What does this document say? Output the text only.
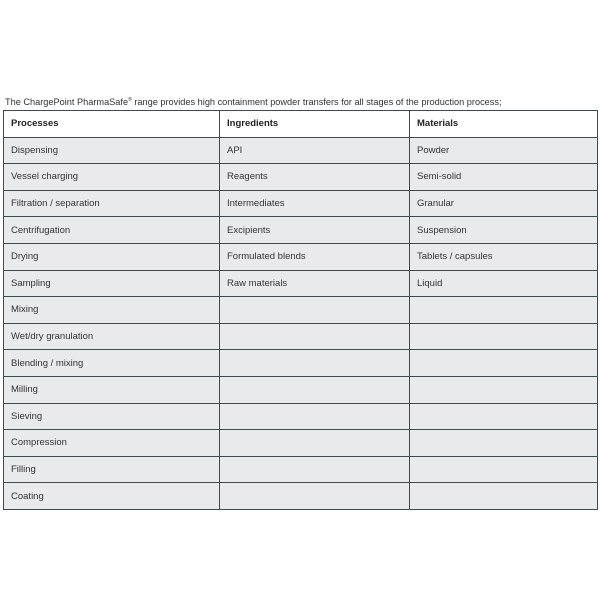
The ChargePoint PharmaSafe® range provides high containment powder transfers for all stages of the production process;

Processes	Ingredients	Materials
Dispensing	API	Powder
Vessel charging	Reagents	Semi-solid
Filtration / separation	Intermediates	Granular
Centrifugation	Excipients	Suspension
Drying	Formulated blends	Tablets / capsules
Sampling	Raw materials	Liquid
Mixing		
Wet/dry granulation		
Blending / mixing		
Milling		
Sieving		
Compression		
Filling		
Coating		
